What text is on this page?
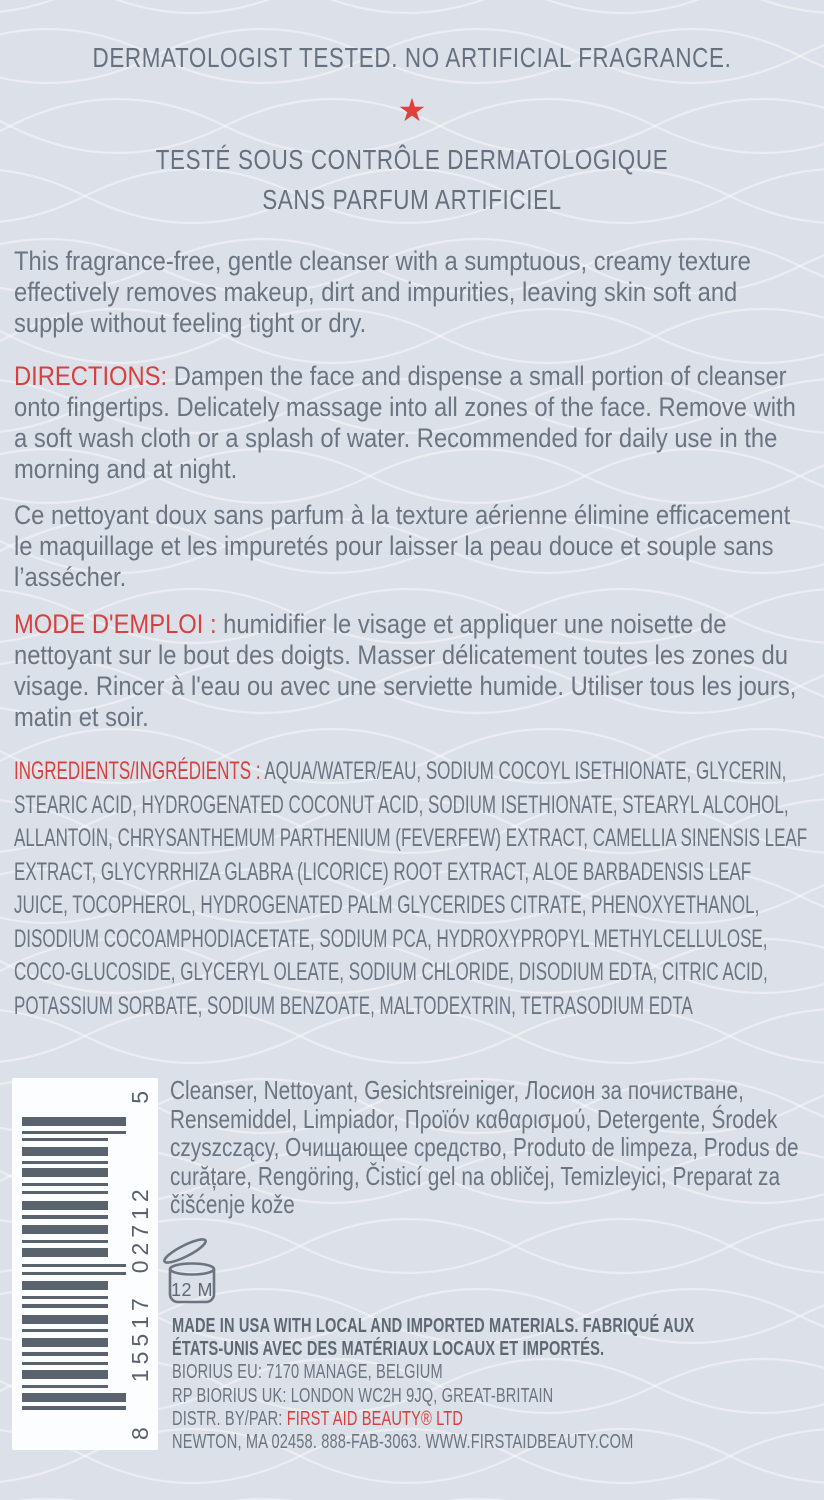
DERMATOLOGIST TESTED. NO ARTIFICIAL FRAGRANCE.
★
TESTÉ SOUS CONTRÔLE DERMATOLOGIQUE
SANS PARFUM ARTIFICIEL
This fragrance-free, gentle cleanser with a sumptuous, creamy texture effectively removes makeup, dirt and impurities, leaving skin soft and supple without feeling tight or dry.
DIRECTIONS: Dampen the face and dispense a small portion of cleanser onto fingertips. Delicately massage into all zones of the face. Remove with a soft wash cloth or a splash of water. Recommended for daily use in the morning and at night.
Ce nettoyant doux sans parfum à la texture aérienne élimine efficacement le maquillage et les impuretés pour laisser la peau douce et souple sans l’assécher.
MODE D'EMPLOI : humidifier le visage et appliquer une noisette de nettoyant sur le bout des doigts. Masser délicatement toutes les zones du visage. Rincer à l'eau ou avec une serviette humide. Utiliser tous les jours, matin et soir.
INGREDIENTS/INGRÉDIENTS : AQUA/WATER/EAU, SODIUM COCOYL ISETHIONATE, GLYCERIN, STEARIC ACID, HYDROGENATED COCONUT ACID, SODIUM ISETHIONATE, STEARYL ALCOHOL, ALLANTOIN, CHRYSANTHEMUM PARTHENIUM (FEVERFEW) EXTRACT, CAMELLIA SINENSIS LEAF EXTRACT, GLYCYRRHIZA GLABRA (LICORICE) ROOT EXTRACT, ALOE BARBADENSIS LEAF JUICE, TOCOPHEROL, HYDROGENATED PALM GLYCERIDES CITRATE, PHENOXYETHANOL, DISODIUM COCOAMPHODIACETATE, SODIUM PCA, HYDROXYPROPYL METHYLCELLULOSE, COCO-GLUCOSIDE, GLYCERYL OLEATE, SODIUM CHLORIDE, DISODIUM EDTA, CITRIC ACID, POTASSIUM SORBATE, SODIUM BENZOATE, MALTODEXTRIN, TETRASODIUM EDTA
8
15517
02712
5 Cleanser, Nettoyant, Gesichtsreiniger, Лосион за почистване, Rensemiddel, Limpiador, Προϊόν καθαρισμού, Detergente, Środek czyszczący, Очищающее средство, Produto de limpeza, Produs de curățare, Rengöring, Čisticí gel na obličej, Temizleyici, Preparat za čišćenje kože
12 M
MADE IN USA WITH LOCAL AND IMPORTED MATERIALS. FABRIQUÉ AUX ÉTATS-UNIS AVEC DES MATÉRIAUX LOCAUX ET IMPORTÉS.
BIORIUS EU: 7170 MANAGE, BELGIUM
RP BIORIUS UK: LONDON WC2H 9JQ, GREAT-BRITAIN
DISTR. BY/PAR: FIRST AID BEAUTY® LTD
NEWTON, MA 02458. 888-FAB-3063. WWW.FIRSTAIDBEAUTY.COM
